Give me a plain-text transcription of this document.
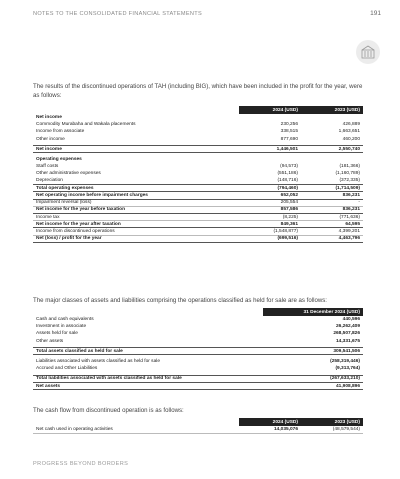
NOTES TO THE CONSOLIDATED FINANCIAL STATEMENTS	191

The results of the discontinued operations of TAH (including BIG), which have been included in the profit for the year, were as follows:

	2024 (USD)	2023 (USD)
Net income		
Commodity Murabaha and Wakala placements	230,256	426,889
Income from associate	338,515	1,663,651
Other income	877,690	460,200

Net income	1,446,501	2,550,740

Operating expenses		
Staff costs	(94,573)	(181,366)
Other administrative expenses	(551,186)	(1,160,789)
Depreciation	(148,716)	(372,335)
Total operating expenses	(794,460)	(1,714,509)
Net operating income before impairment charges	652,052	836,231
Impairment reversal (loss)	205,554	-
Net income for the year before taxation	857,586	836,231
Income tax	(8,225)	(771,636)
Net income for the year after taxation	849,361	64,595
Income from discontinued operations	(1,548,877)	4,399,201
Net (loss) / profit for the year	(699,516)	4,463,796

The major classes of assets and liabilities comprising the operations classified as held for sale are as follows:

	31 December 2024 (USD)
Cash and cash equivalents	440,596
Investment in associate	26,262,409
Assets held for sale	268,507,826
Other assets	14,331,675

Total assets classified as held for sale	309,541,506

Liabilities associated with assets classified as held for sale	(258,319,446)
Accrued and Other Liabilities	(9,313,764)

Total liabilities associated with assets classified as held for sale	(267,633,210)
Net assets	41,908,896

The cash flow from discontinued operation is as follows:

	2024 (USD)	2023 (USD)
Net cash used in operating activities	14,035,076	(48,579,544)
PROGRESS BEYOND BORDERS
